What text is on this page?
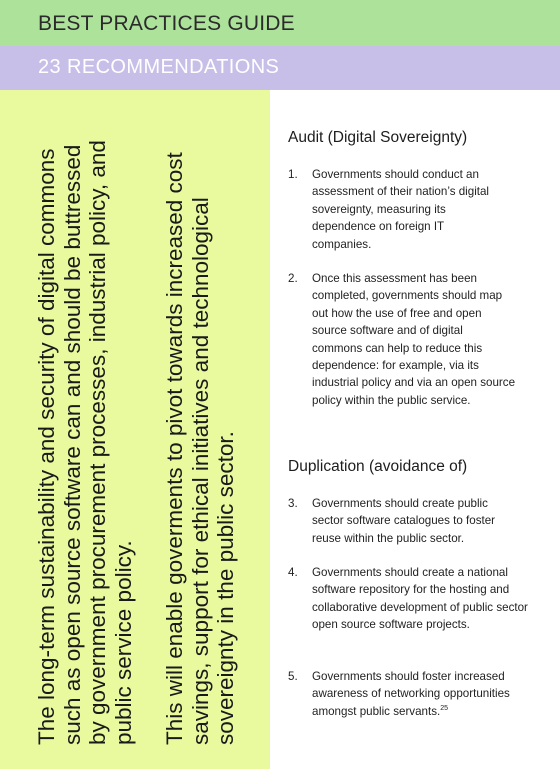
BEST PRACTICES GUIDE
23 RECOMMENDATIONS
The long-term sustainability and security of digital commons such as open source software can and should be buttressed by government procurement processes, industrial policy, and public service policy. This will enable goverments to pivot towards increased cost savings, support for ethical initiatives and technological sovereignty in the public sector.
Audit (Digital Sovereignty)
1.	Governments should conduct an assessment of their nation’s digital sovereignty, measuring its dependence on foreign IT companies.
2.	Once this assessment has been completed, governments should map out how the use of free and open source software and of digital commons can help to reduce this dependence: for example, via its industrial policy and via an open source policy within the public service.
Duplication (avoidance of)
3.	Governments should create public sector software catalogues to foster reuse within the public sector.
4.	Governments should create a national software repository for the hosting and collaborative development of public sector open source software projects.
5.	Governments should foster increased awareness of networking opportunities amongst public servants.$^{25}$
